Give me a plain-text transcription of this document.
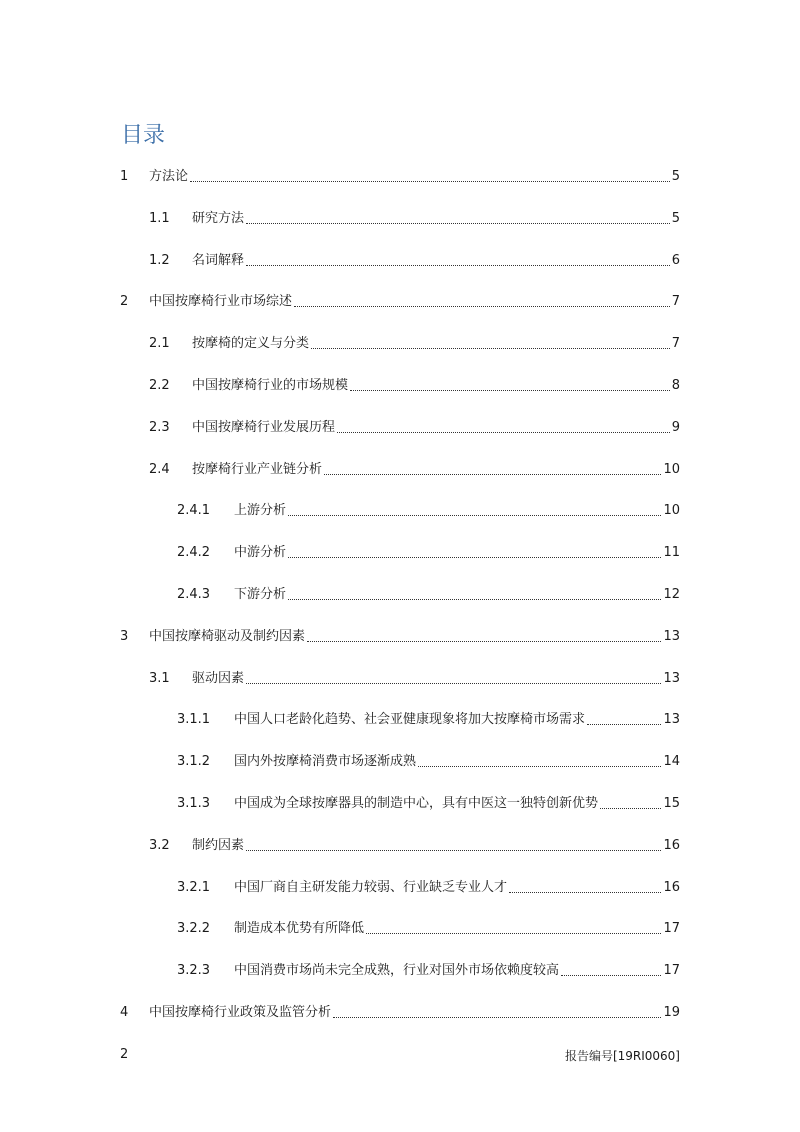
目录
1	方法论	5
1.1	研究方法	5
1.2	名词解释	6
2	中国按摩椅行业市场综述	7
2.1	按摩椅的定义与分类	7
2.2	中国按摩椅行业的市场规模	8
2.3	中国按摩椅行业发展历程	9
2.4	按摩椅行业产业链分析	10
2.4.1	上游分析	10
2.4.2	中游分析	11
2.4.3	下游分析	12
3	中国按摩椅驱动及制约因素	13
3.1	驱动因素	13
3.1.1	中国人口老龄化趋势、社会亚健康现象将加大按摩椅市场需求	13
3.1.2	国内外按摩椅消费市场逐渐成熟	14
3.1.3	中国成为全球按摩器具的制造中心，具有中医这一独特创新优势	15
3.2	制约因素	16
3.2.1	中国厂商自主研发能力较弱、行业缺乏专业人才	16
3.2.2	制造成本优势有所降低	17
3.2.3	中国消费市场尚未完全成熟，行业对国外市场依赖度较高	17
4	中国按摩椅行业政策及监管分析	19
2	报告编号[19RI0060]
